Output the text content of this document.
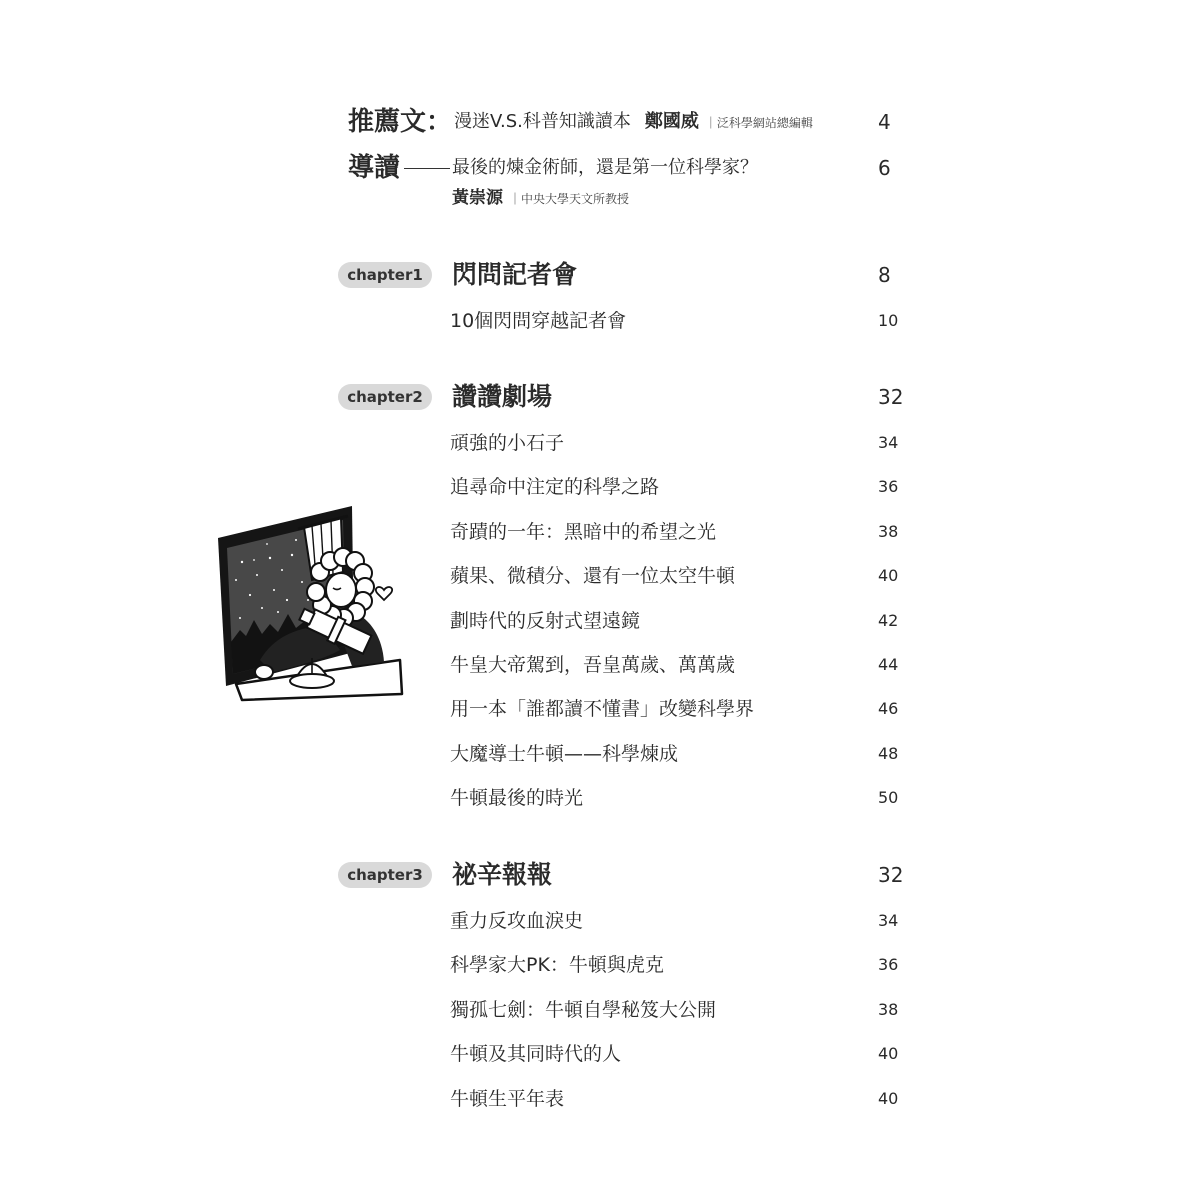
推薦文： 漫迷V.S.科普知識讀本 鄭國威 ｜泛科學網站總編輯	4
導讀	最後的煉金術師，還是第一位科學家？	6
黃崇源 ｜中央大學天文所教授
chapter1	閃問記者會	8
10個閃問穿越記者會	10
chapter2	讚讚劇場	32
頑強的小石子	34
追尋命中注定的科學之路	36
奇蹟的一年：黑暗中的希望之光	38
蘋果、微積分、還有一位太空牛頓	40
劃時代的反射式望遠鏡	42
牛皇大帝駕到，吾皇萬歲、萬萬歲	44
用一本「誰都讀不懂書」改變科學界	46
大魔導士牛頓——科學煉成	48
牛頓最後的時光	50
chapter3	祕辛報報	32
重力反攻血淚史	34
科學家大PK：牛頓與虎克	36
獨孤七劍：牛頓自學秘笈大公開	38
牛頓及其同時代的人	40
牛頓生平年表	40
